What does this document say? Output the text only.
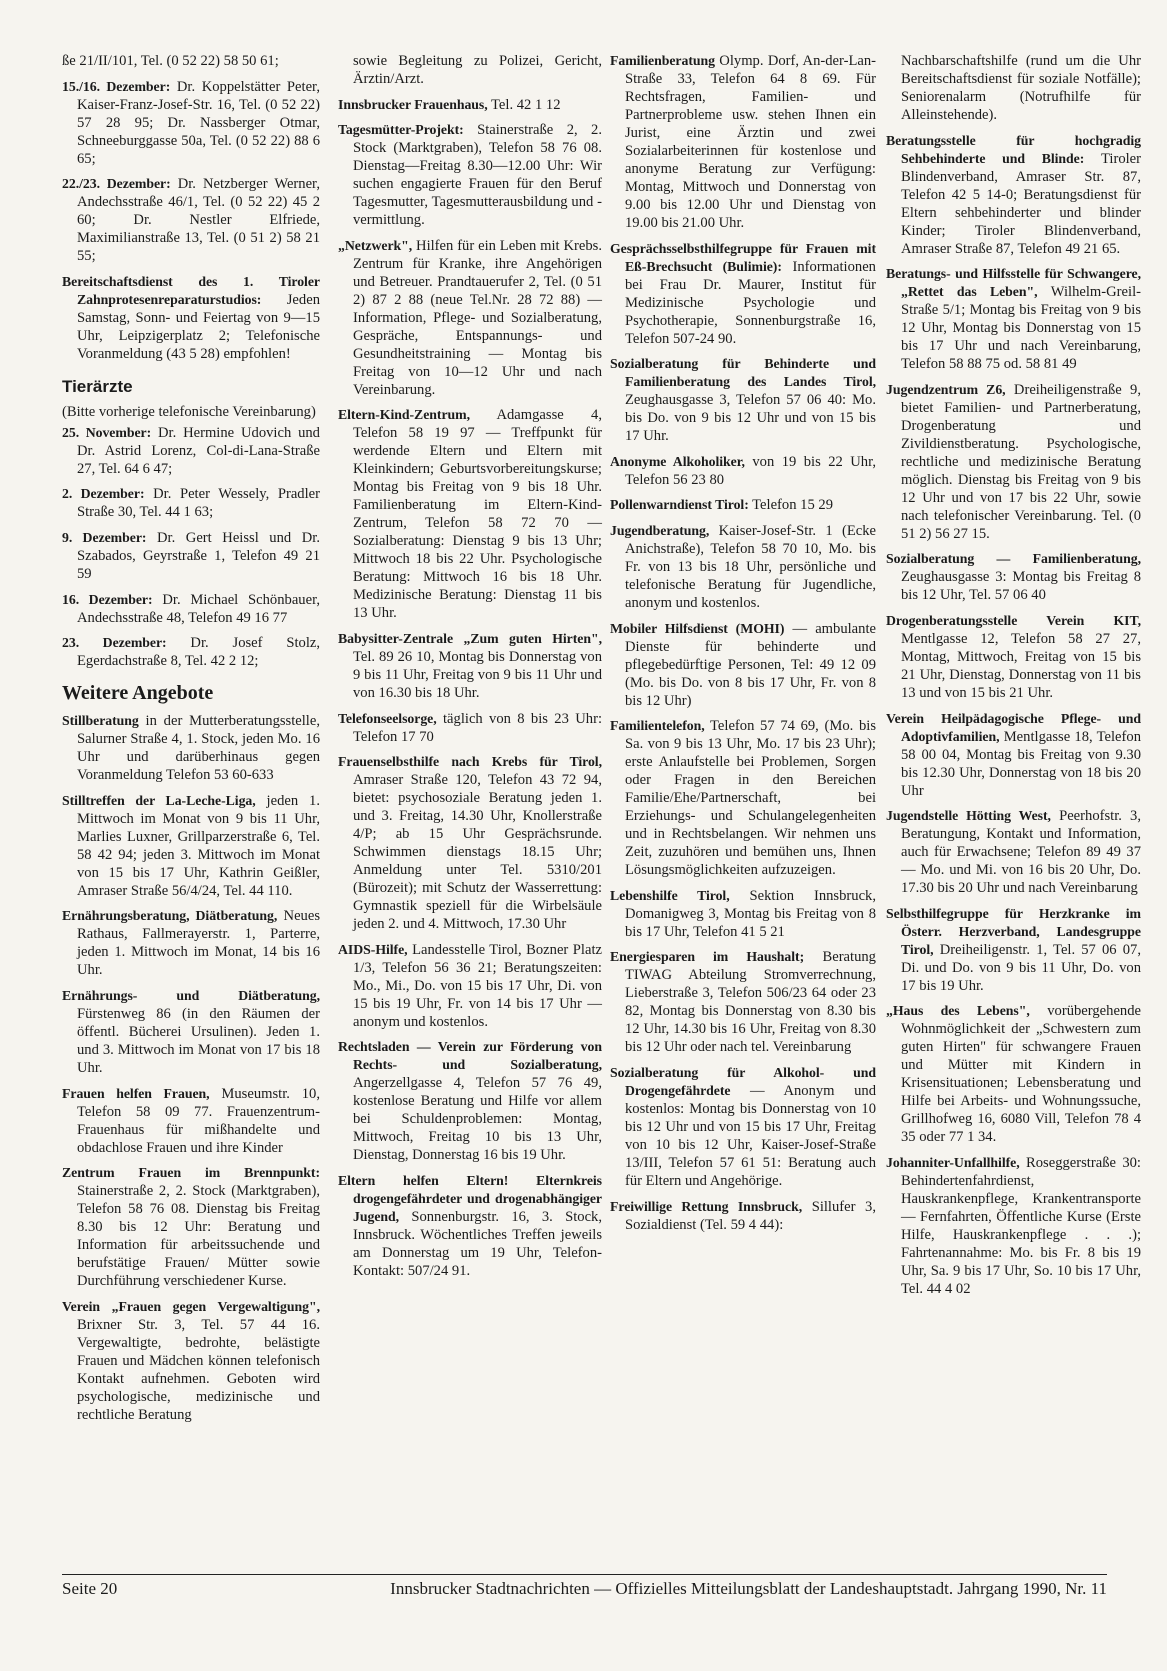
ße 21/II/101, Tel. (0 52 22) 58 50 61;

15./16. Dezember: Dr. Koppelstätter Peter, Kaiser-Franz-Josef-Str. 16, Tel. (0 52 22) 57 28 95; Dr. Nassberger Otmar, Schneeburggasse 50a, Tel. (0 52 22) 88 6 65;

22./23. Dezember: Dr. Netzberger Werner, Andechsstraße 46/1, Tel. (0 52 22) 45 2 60; Dr. Nestler Elfriede, Maximilianstraße 13, Tel. (0 51 2) 58 21 55;

Bereitschaftsdienst des 1. Tiroler Zahnprotesenreparaturstudios: Jeden Samstag, Sonn- und Feiertag von 9—15 Uhr, Leipzigerplatz 2; Telefonische Voranmeldung (43 5 28) empfohlen!

Tierärzte
(Bitte vorherige telefonische Vereinbarung)

25. November: Dr. Hermine Udovich und Dr. Astrid Lorenz, Col-di-Lana-Straße 27, Tel. 64 6 47;

2. Dezember: Dr. Peter Wessely, Pradler Straße 30, Tel. 44 1 63;

9. Dezember: Dr. Gert Heissl und Dr. Szabados, Geyrstraße 1, Telefon 49 21 59

16. Dezember: Dr. Michael Schönbauer, Andechsstraße 48, Telefon 49 16 77

23. Dezember: Dr. Josef Stolz, Egerdachstraße 8, Tel. 42 2 12;

Weitere Angebote

Stillberatung in der Mutterberatungsstelle, Salurner Straße 4, 1. Stock, jeden Mo. 16 Uhr und darüberhinaus gegen Voranmeldung Telefon 53 60-633

Stilltreffen der La-Leche-Liga, jeden 1. Mittwoch im Monat von 9 bis 11 Uhr, Marlies Luxner, Grillparzerstraße 6, Tel. 58 42 94; jeden 3. Mittwoch im Monat von 15 bis 17 Uhr, Kathrin Geißler, Amraser Straße 56/4/24, Tel. 44 110.

Ernährungsberatung, Diätberatung, Neues Rathaus, Fallmerayerstr. 1, Parterre, jeden 1. Mittwoch im Monat, 14 bis 16 Uhr.

Ernährungs- und Diätberatung, Fürstenweg 86 (in den Räumen der öffentl. Bücherei Ursulinen). Jeden 1. und 3. Mittwoch im Monat von 17 bis 18 Uhr.

Frauen helfen Frauen, Museumstr. 10, Telefon 58 09 77. Frauenzentrum-Frauenhaus für mißhandelte und obdachlose Frauen und ihre Kinder

Zentrum Frauen im Brennpunkt: Stainerstraße 2, 2. Stock (Marktgraben), Telefon 58 76 08. Dienstag bis Freitag 8.30 bis 12 Uhr: Beratung und Information für arbeitssuchende und berufstätige Frauen/ Mütter sowie Durchführung verschiedener Kurse.

Verein „Frauen gegen Vergewaltigung", Brixner Str. 3, Tel. 57 44 16. Vergewaltigte, bedrohte, belästigte Frauen und Mädchen können telefonisch Kontakt aufnehmen. Geboten wird psychologische, medizinische und rechtliche Beratung

sowie Begleitung zu Polizei, Gericht, Ärztin/Arzt.

Innsbrucker Frauenhaus, Tel. 42 1 12

Tagesmütter-Projekt: Stainerstraße 2, 2. Stock (Marktgraben), Telefon 58 76 08. Dienstag—Freitag 8.30—12.00 Uhr: Wir suchen engagierte Frauen für den Beruf Tagesmutter, Tagesmutterausbildung und -vermittlung.

„Netzwerk", Hilfen für ein Leben mit Krebs. Zentrum für Kranke, ihre Angehörigen und Betreuer. Prandtauerufer 2, Tel. (0 51 2) 87 2 88 (neue Tel.Nr. 28 72 88) — Information, Pflege- und Sozialberatung, Gespräche, Entspannungs- und Gesundheitstraining — Montag bis Freitag von 10—12 Uhr und nach Vereinbarung.

Eltern-Kind-Zentrum, Adamgasse 4, Telefon 58 19 97 — Treffpunkt für werdende Eltern und Eltern mit Kleinkindern; Geburtsvorbereitungskurse; Montag bis Freitag von 9 bis 18 Uhr. Familienberatung im Eltern-Kind-Zentrum, Telefon 58 72 70 — Sozialberatung: Dienstag 9 bis 13 Uhr; Mittwoch 18 bis 22 Uhr. Psychologische Beratung: Mittwoch 16 bis 18 Uhr. Medizinische Beratung: Dienstag 11 bis 13 Uhr.

Babysitter-Zentrale „Zum guten Hirten", Tel. 89 26 10, Montag bis Donnerstag von 9 bis 11 Uhr, Freitag von 9 bis 11 Uhr und von 16.30 bis 18 Uhr.

Telefonseelsorge, täglich von 8 bis 23 Uhr: Telefon 17 70

Frauenselbsthilfe nach Krebs für Tirol, Amraser Straße 120, Telefon 43 72 94, bietet: psychosoziale Beratung jeden 1. und 3. Freitag, 14.30 Uhr, Knollerstraße 4/P; ab 15 Uhr Gesprächsrunde. Schwimmen dienstags 18.15 Uhr; Anmeldung unter Tel. 5310/201 (Bürozeit); mit Schutz der Wasserrettung: Gymnastik speziell für die Wirbelsäule jeden 2. und 4. Mittwoch, 17.30 Uhr

AIDS-Hilfe, Landesstelle Tirol, Bozner Platz 1/3, Telefon 56 36 21; Beratungszeiten: Mo., Mi., Do. von 15 bis 17 Uhr, Di. von 15 bis 19 Uhr, Fr. von 14 bis 17 Uhr — anonym und kostenlos.

Rechtsladen — Verein zur Förderung von Rechts- und Sozialberatung, Angerzellgasse 4, Telefon 57 76 49, kostenlose Beratung und Hilfe vor allem bei Schuldenproblemen: Montag, Mittwoch, Freitag 10 bis 13 Uhr, Dienstag, Donnerstag 16 bis 19 Uhr.

Eltern helfen Eltern! Elternkreis drogengefährdeter und drogenabhängiger Jugend, Sonnenburgstr. 16, 3. Stock, Innsbruck. Wöchentliches Treffen jeweils am Donnerstag um 19 Uhr, Telefon-Kontakt: 507/24 91.

Familienberatung Olymp. Dorf, An-der-Lan-Straße 33, Telefon 64 8 69. Für Rechtsfragen, Familien- und Partnerprobleme usw. stehen Ihnen ein Jurist, eine Ärztin und zwei Sozialarbeiterinnen für kostenlose und anonyme Beratung zur Verfügung: Montag, Mittwoch und Donnerstag von 9.00 bis 12.00 Uhr und Dienstag von 19.00 bis 21.00 Uhr.

Gesprächsselbsthilfegruppe für Frauen mit Eß-Brechsucht (Bulimie): Informationen bei Frau Dr. Maurer, Institut für Medizinische Psychologie und Psychotherapie, Sonnenburgstraße 16, Telefon 507-24 90.

Sozialberatung für Behinderte und Familienberatung des Landes Tirol, Zeughausgasse 3, Telefon 57 06 40: Mo. bis Do. von 9 bis 12 Uhr und von 15 bis 17 Uhr.

Anonyme Alkoholiker, von 19 bis 22 Uhr, Telefon 56 23 80

Pollenwarndienst Tirol: Telefon 15 29

Jugendberatung, Kaiser-Josef-Str. 1 (Ecke Anichstraße), Telefon 58 70 10, Mo. bis Fr. von 13 bis 18 Uhr, persönliche und telefonische Beratung für Jugendliche, anonym und kostenlos.

Mobiler Hilfsdienst (MOHI) — ambulante Dienste für behinderte und pflegebedürftige Personen, Tel: 49 12 09 (Mo. bis Do. von 8 bis 17 Uhr, Fr. von 8 bis 12 Uhr)

Familientelefon, Telefon 57 74 69, (Mo. bis Sa. von 9 bis 13 Uhr, Mo. 17 bis 23 Uhr); erste Anlaufstelle bei Problemen, Sorgen oder Fragen in den Bereichen Familie/Ehe/Partnerschaft, bei Erziehungs- und Schulangelegenheiten und in Rechtsbelangen. Wir nehmen uns Zeit, zuzuhören und bemühen uns, Ihnen Lösungsmöglichkeiten aufzuzeigen.

Lebenshilfe Tirol, Sektion Innsbruck, Domanigweg 3, Montag bis Freitag von 8 bis 17 Uhr, Telefon 41 5 21

Energiesparen im Haushalt; Beratung TIWAG Abteilung Stromverrechnung, Lieberstraße 3, Telefon 506/23 64 oder 23 82, Montag bis Donnerstag von 8.30 bis 12 Uhr, 14.30 bis 16 Uhr, Freitag von 8.30 bis 12 Uhr oder nach tel. Vereinbarung

Sozialberatung für Alkohol- und Drogengefährdete — Anonym und kostenlos: Montag bis Donnerstag von 10 bis 12 Uhr und von 15 bis 17 Uhr, Freitag von 10 bis 12 Uhr, Kaiser-Josef-Straße 13/III, Telefon 57 61 51: Beratung auch für Eltern und Angehörige.

Freiwillige Rettung Innsbruck, Sillufer 3, Sozialdienst (Tel. 59 4 44):

Nachbarschaftshilfe (rund um die Uhr Bereitschaftsdienst für soziale Notfälle); Seniorenalarm (Notrufhilfe für Alleinstehende).

Beratungsstelle für hochgradig Sehbehinderte und Blinde: Tiroler Blindenverband, Amraser Str. 87, Telefon 42 5 14-0; Beratungsdienst für Eltern sehbehinderter und blinder Kinder; Tiroler Blindenverband, Amraser Straße 87, Telefon 49 21 65.

Beratungs- und Hilfsstelle für Schwangere, „Rettet das Leben", Wilhelm-Greil-Straße 5/1; Montag bis Freitag von 9 bis 12 Uhr, Montag bis Donnerstag von 15 bis 17 Uhr und nach Vereinbarung, Telefon 58 88 75 od. 58 81 49

Jugendzentrum Z6, Dreiheiligenstraße 9, bietet Familien- und Partnerberatung, Drogenberatung und Zivildienstberatung. Psychologische, rechtliche und medizinische Beratung möglich. Dienstag bis Freitag von 9 bis 12 Uhr und von 17 bis 22 Uhr, sowie nach telefonischer Vereinbarung. Tel. (0 51 2) 56 27 15.

Sozialberatung — Familienberatung, Zeughausgasse 3: Montag bis Freitag 8 bis 12 Uhr, Tel. 57 06 40

Drogenberatungsstelle Verein KIT, Mentlgasse 12, Telefon 58 27 27, Montag, Mittwoch, Freitag von 15 bis 21 Uhr, Dienstag, Donnerstag von 11 bis 13 und von 15 bis 21 Uhr.

Verein Heilpädagogische Pflege- und Adoptivfamilien, Mentlgasse 18, Telefon 58 00 04, Montag bis Freitag von 9.30 bis 12.30 Uhr, Donnerstag von 18 bis 20 Uhr

Jugendstelle Hötting West, Peerhofstr. 3, Beratungung, Kontakt und Information, auch für Erwachsene; Telefon 89 49 37 — Mo. und Mi. von 16 bis 20 Uhr, Do. 17.30 bis 20 Uhr und nach Vereinbarung

Selbsthilfegruppe für Herzkranke im Österr. Herzverband, Landesgruppe Tirol, Dreiheiligenstr. 1, Tel. 57 06 07, Di. und Do. von 9 bis 11 Uhr, Do. von 17 bis 19 Uhr.

„Haus des Lebens", vorübergehende Wohnmöglichkeit der „Schwestern zum guten Hirten" für schwangere Frauen und Mütter mit Kindern in Krisensituationen; Lebensberatung und Hilfe bei Arbeits- und Wohnungssuche, Grillhofweg 16, 6080 Vill, Telefon 78 4 35 oder 77 1 34.

Johanniter-Unfallhilfe, Roseggerstraße 30: Behindertenfahrdienst, Hauskrankenpflege, Krankentransporte — Fernfahrten, Öffentliche Kurse (Erste Hilfe, Hauskrankenpflege . . .); Fahrtenannahme: Mo. bis Fr. 8 bis 19 Uhr, Sa. 9 bis 17 Uhr, So. 10 bis 17 Uhr, Tel. 44 4 02

Seite 20	Innsbrucker Stadtnachrichten — Offizielles Mitteilungsblatt der Landeshauptstadt. Jahrgang 1990, Nr. 11
